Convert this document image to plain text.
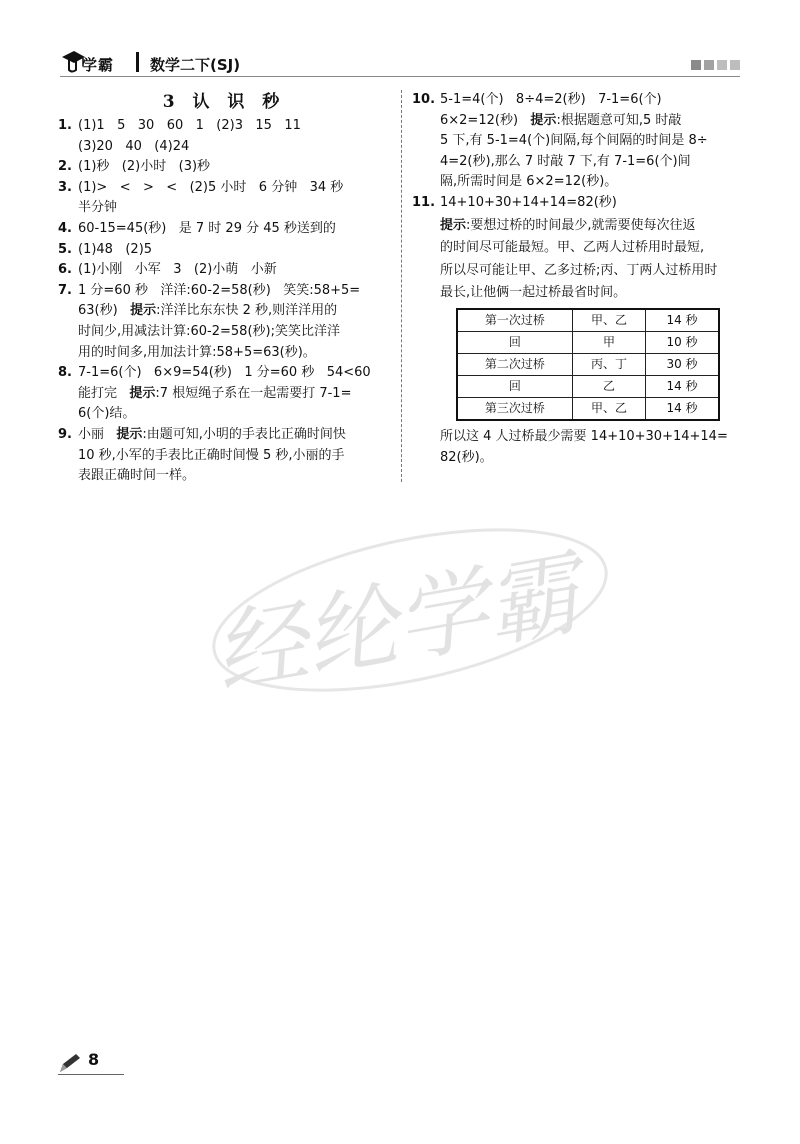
学霸 数学二下(SJ)
经纶学霸
3 认 识 秒
1. (1)1   5   30   60   1   (2)3   15   11
(3)20   40   (4)24
2. (1)秒   (2)小时   (3)秒
3. (1)>   <   >   <   (2)5 小时   6 分钟   34 秒
半分钟
4. 60-15=45(秒)   是 7 时 29 分 45 秒送到的
5. (1)48   (2)5
6. (1)小刚   小军   3   (2)小萌   小新
7. 1 分=60 秒   洋洋:60-2=58(秒)   笑笑:58+5=
63(秒)   提示:洋洋比东东快 2 秒,则洋洋用的
时间少,用减法计算:60-2=58(秒);笑笑比洋洋
用的时间多,用加法计算:58+5=63(秒)。
8. 7-1=6(个)   6×9=54(秒)   1 分=60 秒   54<60
能打完   提示:7 根短绳子系在一起需要打 7-1=
6(个)结。
9. 小丽   提示:由题可知,小明的手表比正确时间快
10 秒,小军的手表比正确时间慢 5 秒,小丽的手
表跟正确时间一样。
10. 5-1=4(个)   8÷4=2(秒)   7-1=6(个)
6×2=12(秒)   提示:根据题意可知,5 时敲
5 下,有 5-1=4(个)间隔,每个间隔的时间是 8÷
4=2(秒),那么 7 时敲 7 下,有 7-1=6(个)间
隔,所需时间是 6×2=12(秒)。
11. 14+10+30+14+14=82(秒)
提示:要想过桥的时间最少,就需要使每次往返
的时间尽可能最短。甲、乙两人过桥用时最短,
所以尽可能让甲、乙多过桥;丙、丁两人过桥用时
最长,让他俩一起过桥最省时间。
第一次过桥	甲、乙	14 秒
回	甲	10 秒
第二次过桥	丙、丁	30 秒
回	乙	14 秒
第三次过桥	甲、乙	14 秒
所以这 4 人过桥最少需要 14+10+30+14+14=
82(秒)。
8
